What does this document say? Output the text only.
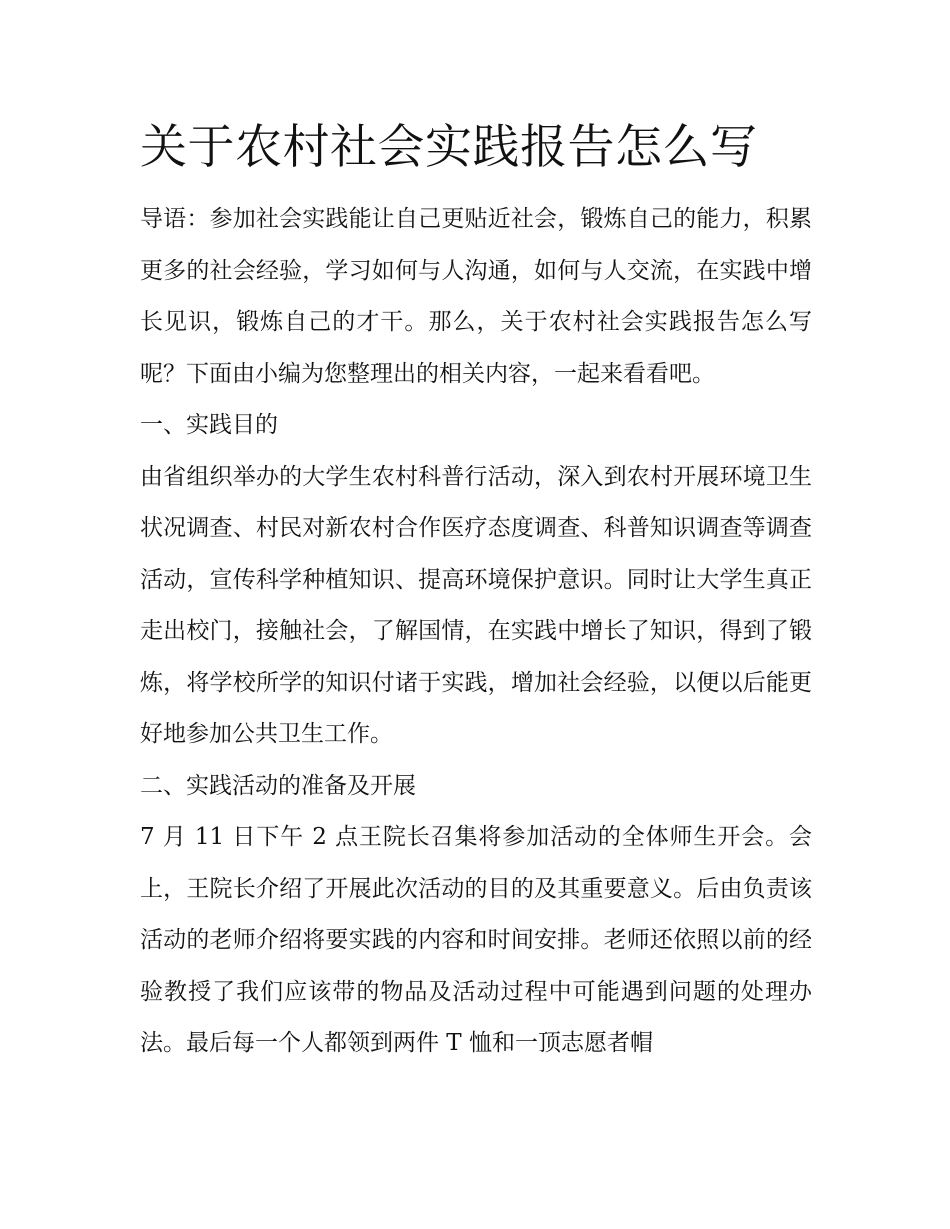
关于农村社会实践报告怎么写

导语：参加社会实践能让自己更贴近社会，锻炼自己的能力，积累更多的社会经验，学习如何与人沟通，如何与人交流，在实践中增长见识，锻炼自己的才干。那么，关于农村社会实践报告怎么写呢？下面由小编为您整理出的相关内容，一起来看看吧。

一、实践目的

由省组织举办的大学生农村科普行活动，深入到农村开展环境卫生状况调查、村民对新农村合作医疗态度调查、科普知识调查等调查活动，宣传科学种植知识、提高环境保护意识。同时让大学生真正走出校门，接触社会，了解国情，在实践中增长了知识，得到了锻炼，将学校所学的知识付诸于实践，增加社会经验，以便以后能更好地参加公共卫生工作。

二、实践活动的准备及开展

7 月 11 日下午 2 点王院长召集将参加活动的全体师生开会。会上，王院长介绍了开展此次活动的目的及其重要意义。后由负责该活动的老师介绍将要实践的内容和时间安排。老师还依照以前的经验教授了我们应该带的物品及活动过程中可能遇到问题的处理办法。最后每一个人都领到两件 T 恤和一顶志愿者帽
